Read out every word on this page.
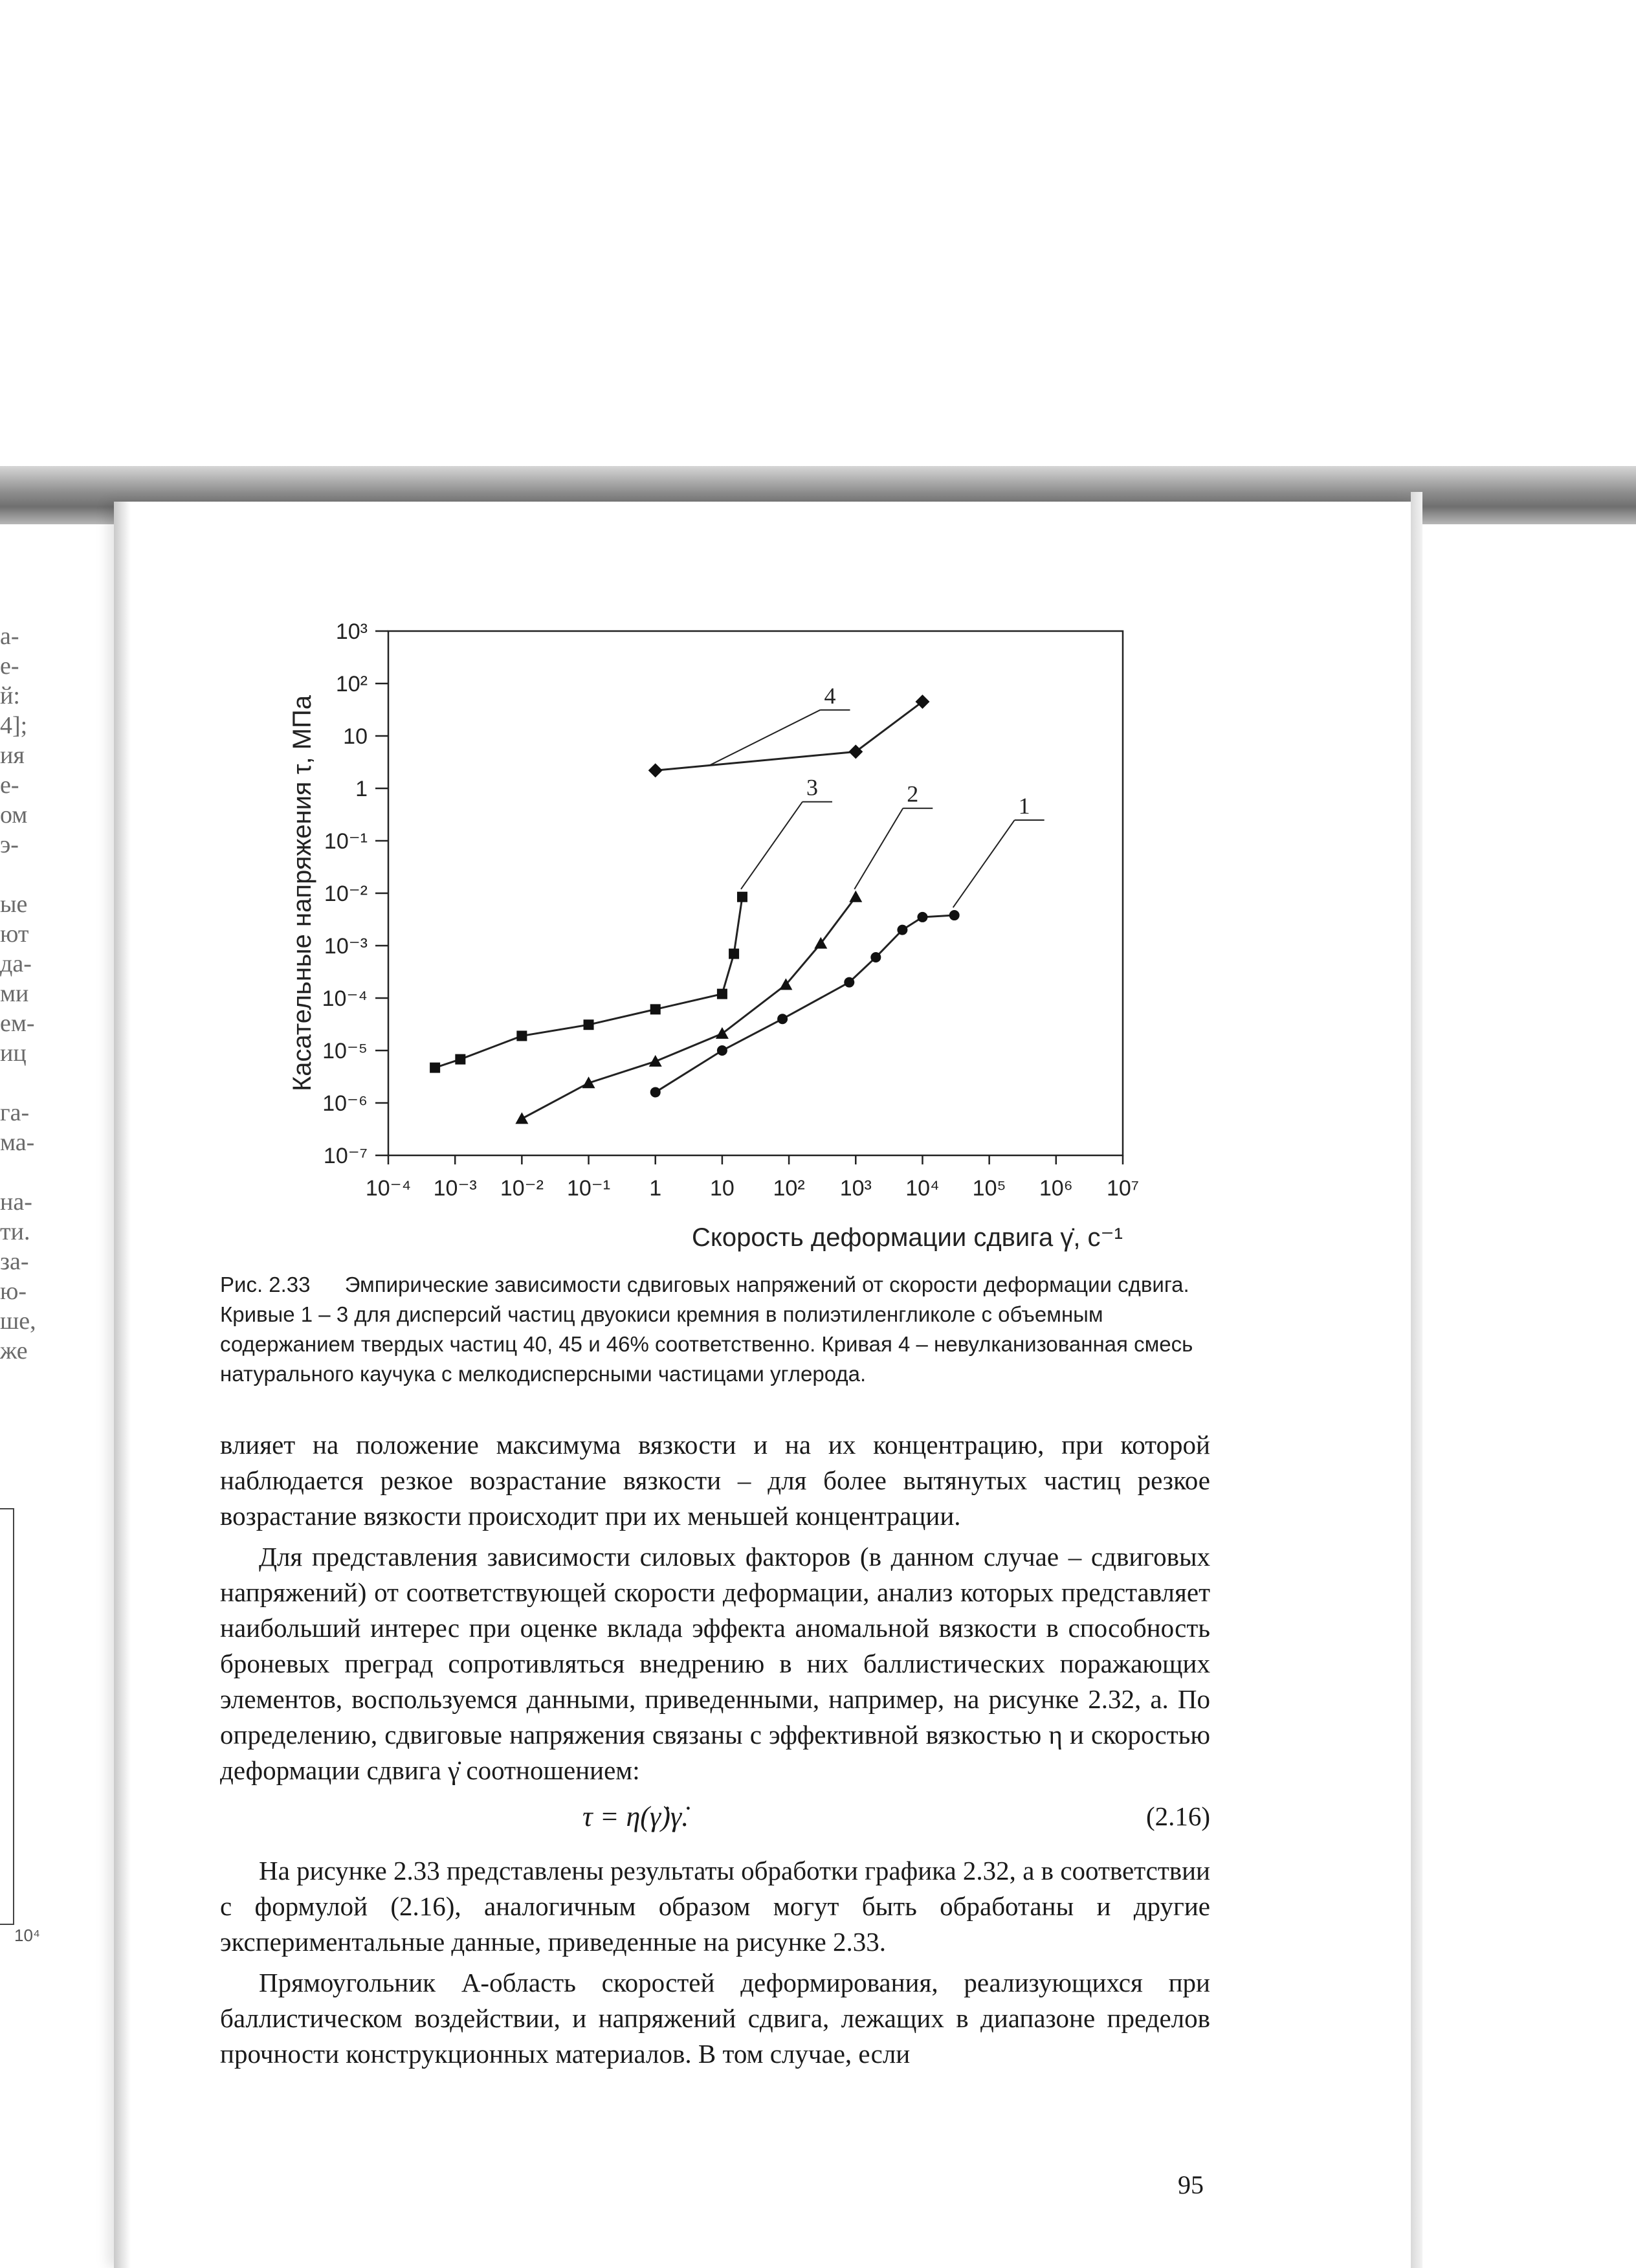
а-
е-
й:
4];
ия
е-
ом
э-
ые
ют
да-
ми
ем-
иц
га-
ма-
на-
ти.
за-
ю-
ше,
же
10⁴
10⁻⁴ 10⁻³ 10⁻² 10⁻¹ 1 10 10² 10³ 10⁴ 10⁵ 10⁶ 10⁷
10⁻⁷
10⁻⁶
10⁻⁵
10⁻⁴
10⁻³
10⁻²
10⁻¹
1
10
10²
10³
Касательные напряжения τ, МПа
Скорость деформации сдвига γ̇, с⁻¹
1
2
3
4
Рис. 2.33 Эмпирические зависимости сдвиговых напряжений от скорости деформации сдвига. Кривые 1 – 3 для дисперсий частиц двуокиси кремния в полиэтиленгликоле с объемным содержанием твердых частиц 40, 45 и 46% соответственно. Кривая 4 – невулканизованная смесь натурального каучука с мелкодисперсными частицами углерода.

влияет на положение максимума вязкости и на их концентрацию, при которой наблюдается резкое возрастание вязкости – для более вытянутых частиц резкое возрастание вязкости происходит при их меньшей концентрации.

Для представления зависимости силовых факторов (в данном случае – сдвиговых напряжений) от соответствующей скорости деформации, анализ которых представляет наибольший интерес при оценке вклада эффекта аномальной вязкости в способность броневых преград сопротивляться внедрению в них баллистических поражающих элементов, воспользуемся данными, приведенными, например, на рисунке 2.32, а. По определению, сдвиговые напряжения связаны с эффективной вязкостью η и скоростью деформации сдвига γ̇ соотношением:

τ = η(γ̇)γ̇.	(2.16)

На рисунке 2.33 представлены результаты обработки графика 2.32, а в соответствии с формулой (2.16), аналогичным образом могут быть обработаны и другие экспериментальные данные, приведенные на рисунке 2.33.

Прямоугольник А-область скоростей деформирования, реализующихся при баллистическом воздействии, и напряжений сдвига, лежащих в диапазоне пределов прочности конструкционных материалов. В том случае, если

95
